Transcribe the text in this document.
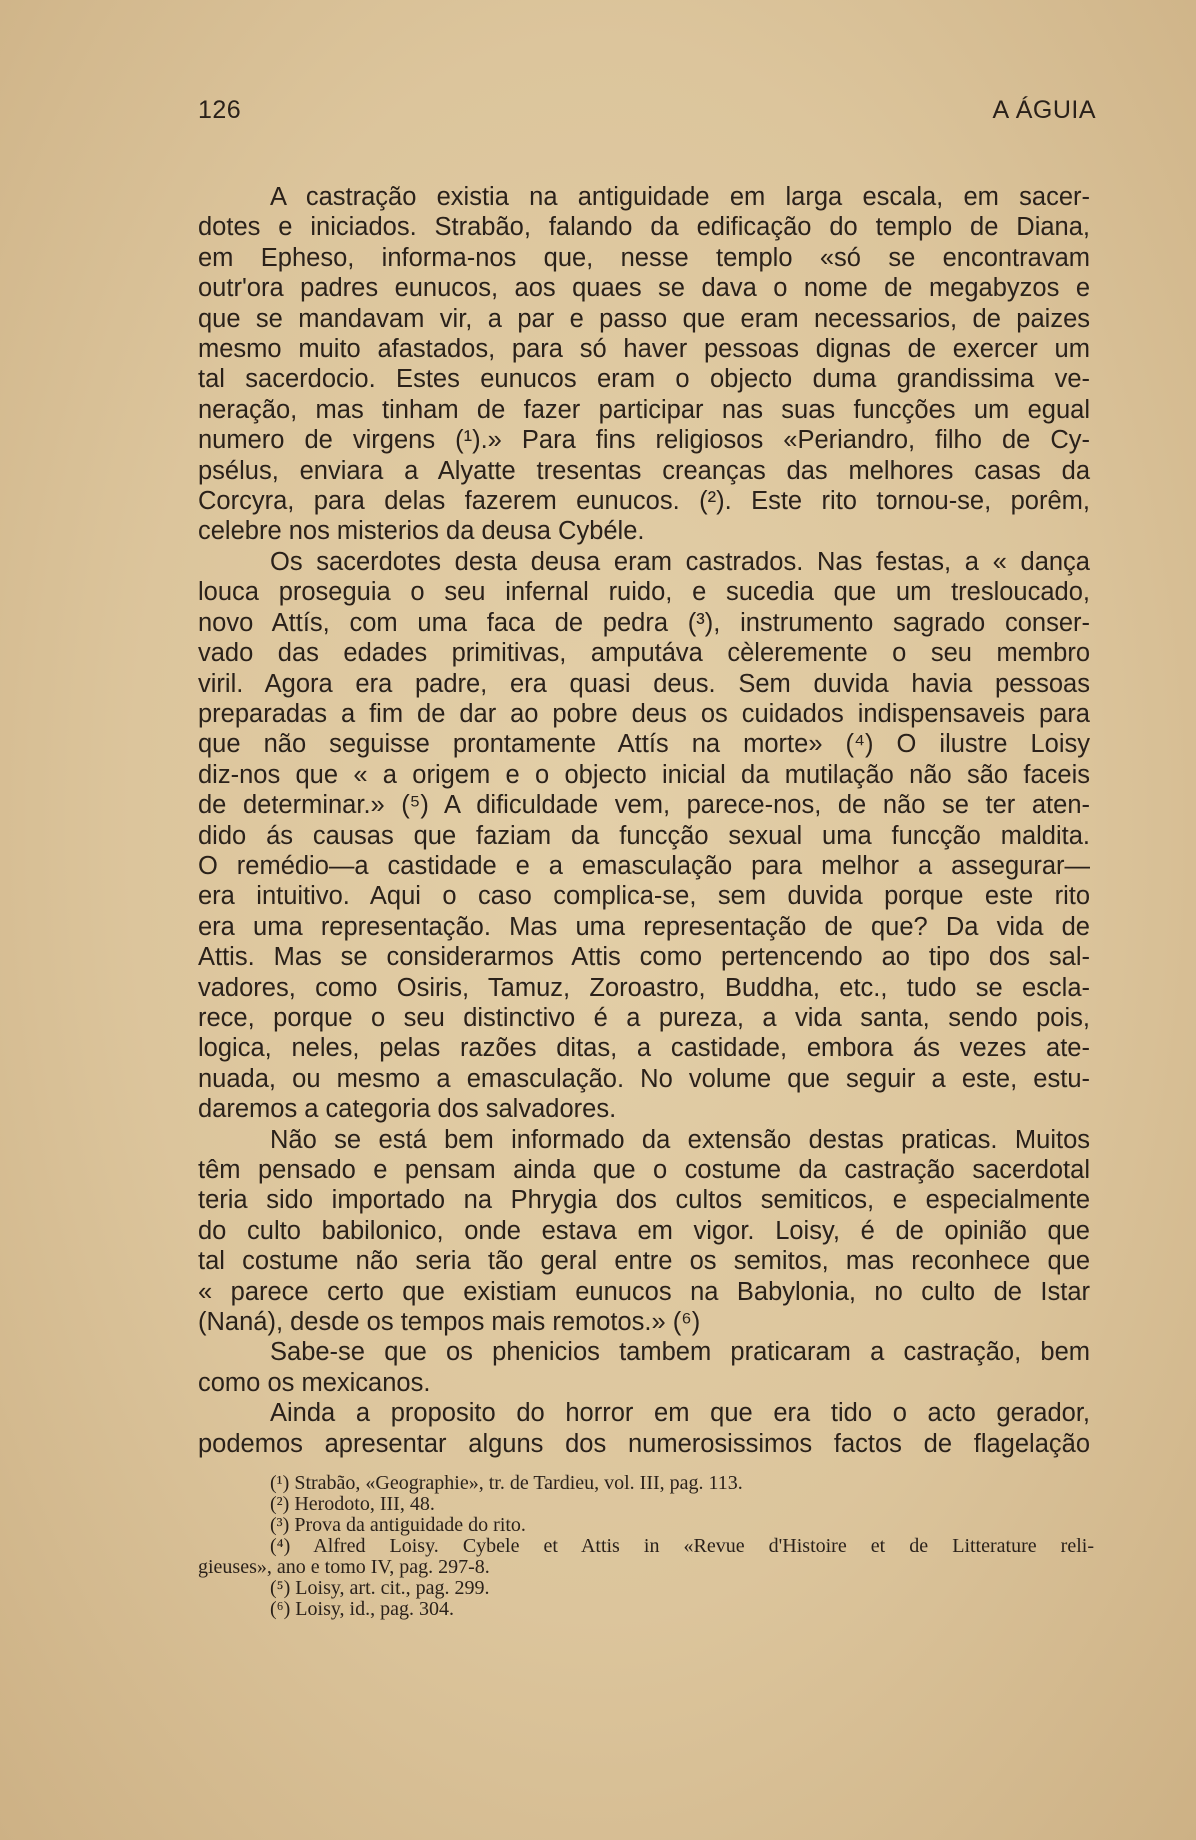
126	A ÁGUIA
A castração existia na antiguidade em larga escala, em sacer-
dotes e iniciados. Strabão, falando da edificação do templo de Diana,
em Epheso, informa-nos que, nesse templo «só se encontravam
outr'ora padres eunucos, aos quaes se dava o nome de megabyzos e
que se mandavam vir, a par e passo que eram necessarios, de paizes
mesmo muito afastados, para só haver pessoas dignas de exercer um
tal sacerdocio. Estes eunucos eram o objecto duma grandissima ve-
neração, mas tinham de fazer participar nas suas funcções um egual
numero de virgens (¹).» Para fins religiosos «Periandro, filho de Cy-
psélus, enviara a Alyatte tresentas creanças das melhores casas da
Corcyra, para delas fazerem eunucos. (²). Este rito tornou-se, porêm,
celebre nos misterios da deusa Cybéle.
Os sacerdotes desta deusa eram castrados. Nas festas, a « dança
louca proseguia o seu infernal ruido, e sucedia que um tresloucado,
novo Attís, com uma faca de pedra (³), instrumento sagrado conser-
vado das edades primitivas, amputáva cèleremente o seu membro
viril. Agora era padre, era quasi deus. Sem duvida havia pessoas
preparadas a fim de dar ao pobre deus os cuidados indispensaveis para
que não seguisse prontamente Attís na morte» (⁴) O ilustre Loisy
diz-nos que « a origem e o objecto inicial da mutilação não são faceis
de determinar.» (⁵) A dificuldade vem, parece-nos, de não se ter aten-
dido ás causas que faziam da funcção sexual uma funcção maldita.
O remédio—a castidade e a emasculação para melhor a assegurar—
era intuitivo. Aqui o caso complica-se, sem duvida porque este rito
era uma representação. Mas uma representação de que? Da vida de
Attis. Mas se considerarmos Attis como pertencendo ao tipo dos sal-
vadores, como Osiris, Tamuz, Zoroastro, Buddha, etc., tudo se escla-
rece, porque o seu distinctivo é a pureza, a vida santa, sendo pois,
logica, neles, pelas razões ditas, a castidade, embora ás vezes ate-
nuada, ou mesmo a emasculação. No volume que seguir a este, estu-
daremos a categoria dos salvadores.
Não se está bem informado da extensão destas praticas. Muitos
têm pensado e pensam ainda que o costume da castração sacerdotal
teria sido importado na Phrygia dos cultos semiticos, e especialmente
do culto babilonico, onde estava em vigor. Loisy, é de opinião que
tal costume não seria tão geral entre os semitos, mas reconhece que
« parece certo que existiam eunucos na Babylonia, no culto de Istar
(Naná), desde os tempos mais remotos.» (⁶)
Sabe-se que os phenicios tambem praticaram a castração, bem
como os mexicanos.
Ainda a proposito do horror em que era tido o acto gerador,
podemos apresentar alguns dos numerosissimos factos de flagelação
(¹) Strabão, «Geographie», tr. de Tardieu, vol. III, pag. 113.
(²) Herodoto, III, 48.
(³) Prova da antiguidade do rito.
(⁴) Alfred Loisy. Cybele et Attis in «Revue d'Histoire et de Litterature reli-
gieuses», ano e tomo IV, pag. 297-8.
(⁵) Loisy, art. cit., pag. 299.
(⁶) Loisy, id., pag. 304.
